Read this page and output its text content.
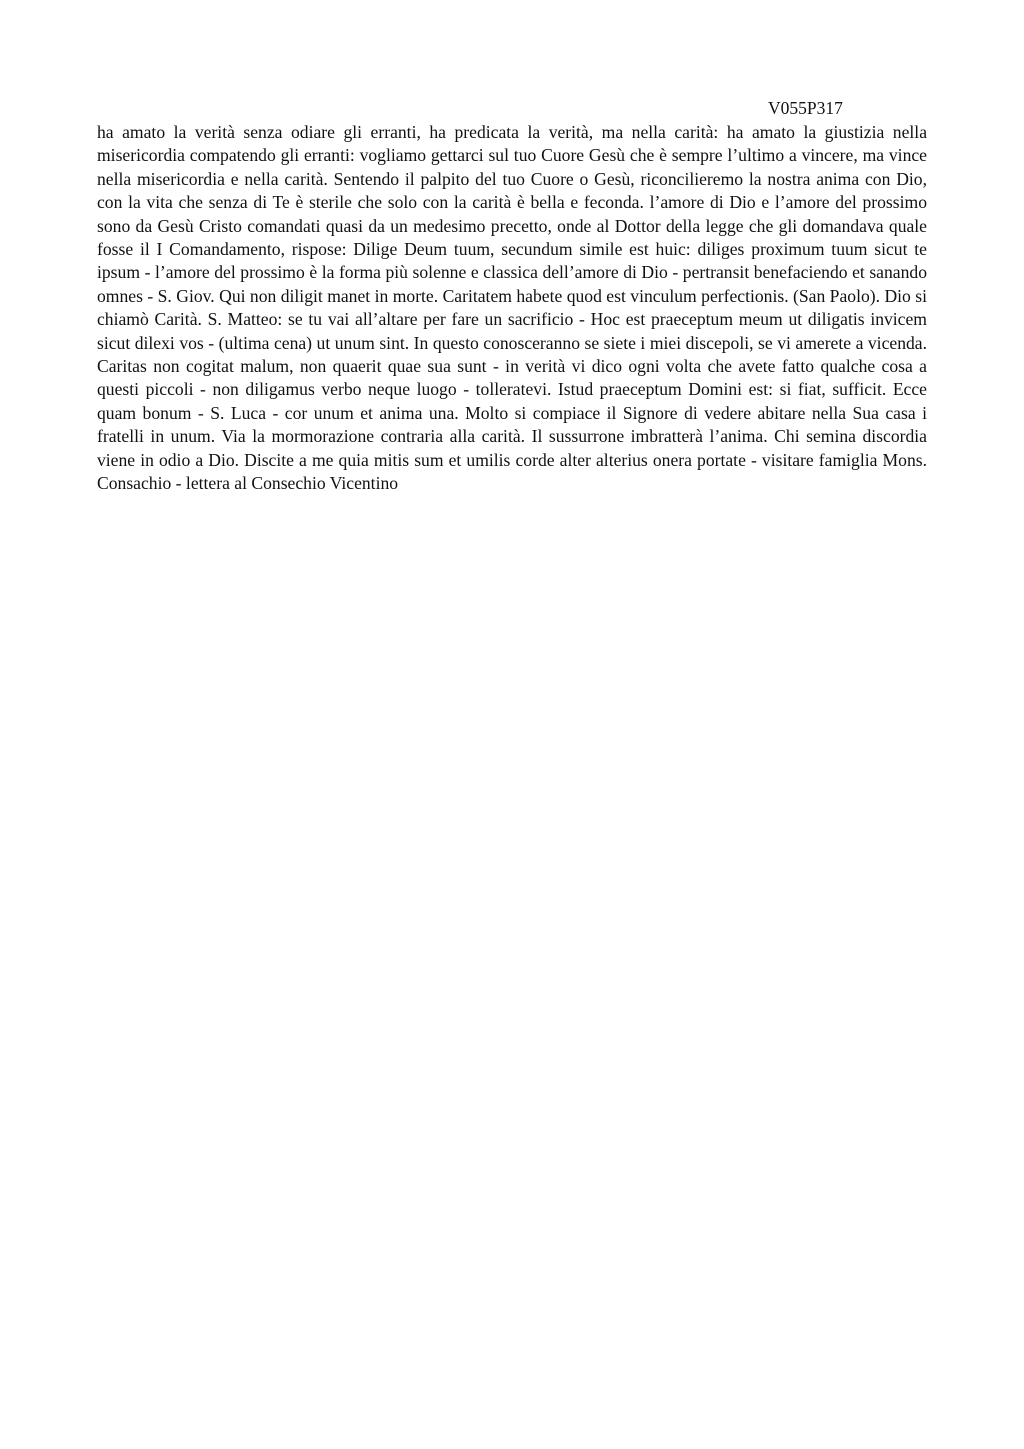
V055P317

ha amato la verità senza odiare gli erranti, ha predicata la verità, ma nella carità: ha amato la giustizia nella misericordia compatendo gli erranti: vogliamo gettarci sul tuo Cuore Gesù che è sempre l’ultimo a vincere, ma vince nella misericordia e nella carità. Sentendo il palpito del tuo Cuore o Gesù, riconcilieremo la nostra anima con Dio, con la vita che senza di Te è sterile che solo con la carità è bella e feconda. l’amore di Dio e l’amore del prossimo sono da Gesù Cristo comandati quasi da un medesimo precetto, onde al Dottor della legge che gli domandava quale fosse il I Comandamento, rispose: Dilige Deum tuum, secundum simile est huic: diliges proximum tuum sicut te ipsum - l’amore del prossimo è la forma più solenne e classica dell’amore di Dio - pertransit benefaciendo et sanando omnes - S. Giov. Qui non diligit manet in morte. Caritatem habete quod est vinculum perfectionis. (San Paolo). Dio si chiamò Carità. S. Matteo: se tu vai all’altare per fare un sacrificio - Hoc est praeceptum meum ut diligatis invicem sicut dilexi vos - (ultima cena) ut unum sint. In questo conosceranno se siete i miei discepoli, se vi amerete a vicenda. Caritas non cogitat malum, non quaerit quae sua sunt - in verità vi dico ogni volta che avete fatto qualche cosa a questi piccoli - non diligamus verbo neque luogo - tolleratevi. Istud praeceptum Domini est: si fiat, sufficit. Ecce quam bonum - S. Luca - cor unum et anima una. Molto si compiace il Signore di vedere abitare nella Sua casa i fratelli in unum. Via la mormorazione contraria alla carità. Il sussurrone imbratterà l’anima. Chi semina discordia viene in odio a Dio. Discite a me quia mitis sum et umilis corde alter alterius onera portate - visitare famiglia Mons. Consachio - lettera al Consechio Vicentino
